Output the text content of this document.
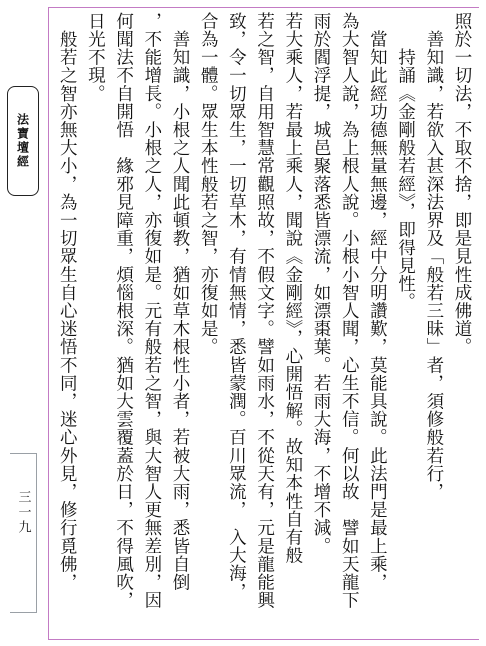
法寶壇經
三一九
照於一切法，不取不捨，即是見性成佛道。
　善知識，若欲入甚深法界及「般若三昧」者，須修般若行，
　　持誦《金剛般若經》，即得見性。
　當知此經功德無量無邊，經中分明讚歎，莫能具說。此法門是最上乘，
為大智人說，為上根人說。小根小智人聞，心生不信。何以故　譬如天龍下
雨於閻浮提，城邑聚落悉皆漂流，如漂棗葉。若雨大海，不增不減。
若大乘人，若最上乘人，聞說《金剛經》，心開悟解。故知本性自有般
若之智，自用智慧常觀照故，不假文字。譬如雨水，不從天有，元是龍能興
致，令一切眾生，一切草木，有情無情，悉皆蒙潤。百川眾流，　入大海，
合為一體。眾生本性般若之智，亦復如是。
　善知識，小根之人聞此頓教，猶如草木根性小者，若被大雨，悉皆自倒
，不能增長。小根之人，亦復如是。元有般若之智，與大智人更無差別，因
何聞法不自開悟　緣邪見障重，煩惱根深。猶如大雲覆蓋於日，不得風吹，
日光不現。
　般若之智亦無大小，為一切眾生自心迷悟不同，迷心外見，修行覓佛，
